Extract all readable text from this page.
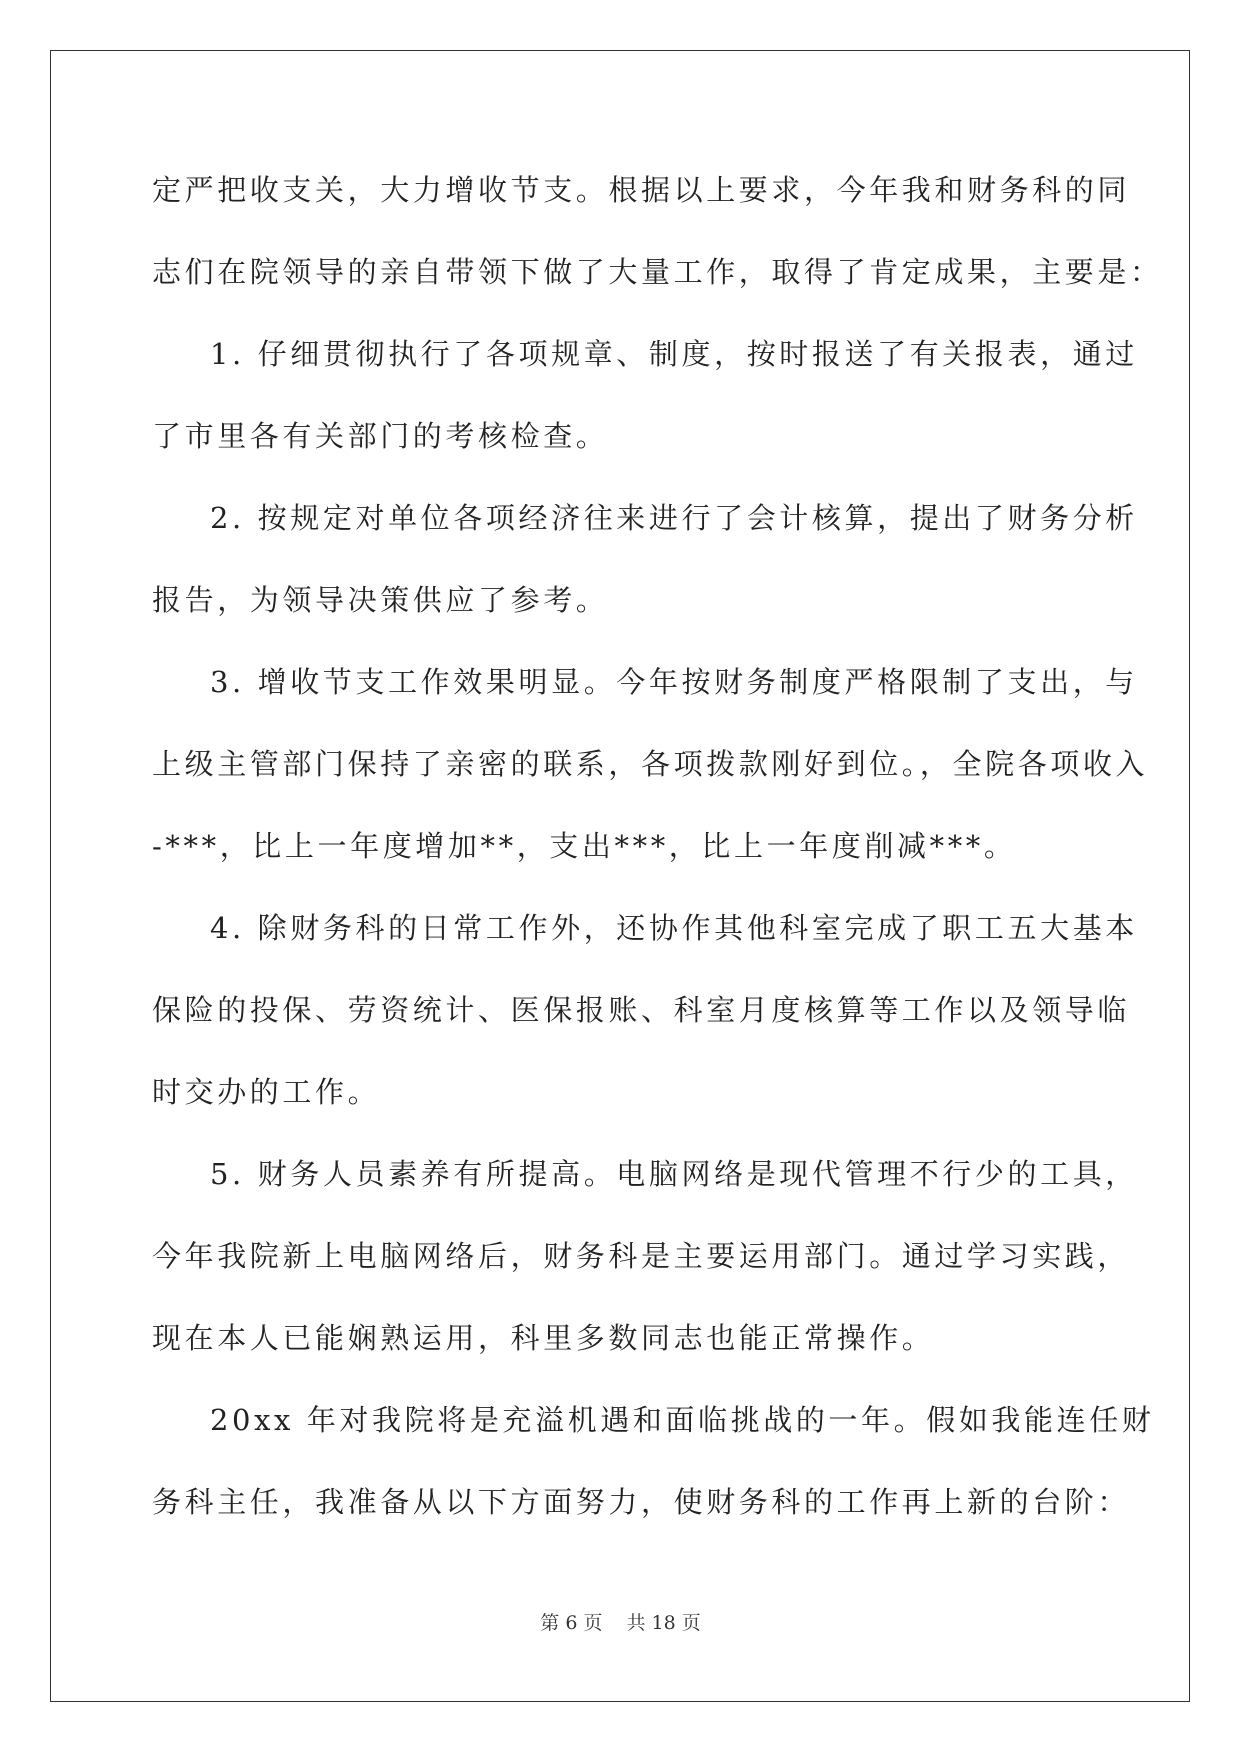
定严把收支关，大力增收节支。根据以上要求，今年我和财务科的同
志们在院领导的亲自带领下做了大量工作，取得了肯定成果，主要是：
1. 仔细贯彻执行了各项规章、制度，按时报送了有关报表，通过
了市里各有关部门的考核检查。
2. 按规定对单位各项经济往来进行了会计核算，提出了财务分析
报告，为领导决策供应了参考。
3. 增收节支工作效果明显。今年按财务制度严格限制了支出，与
上级主管部门保持了亲密的联系，各项拨款刚好到位。，全院各项收入
-***，比上一年度增加**，支出***，比上一年度削减***。
4. 除财务科的日常工作外，还协作其他科室完成了职工五大基本
保险的投保、劳资统计、医保报账、科室月度核算等工作以及领导临
时交办的工作。
5. 财务人员素养有所提高。电脑网络是现代管理不行少的工具，
今年我院新上电脑网络后，财务科是主要运用部门。通过学习实践，
现在本人已能娴熟运用，科里多数同志也能正常操作。
20xx 年对我院将是充溢机遇和面临挑战的一年。假如我能连任财
务科主任，我准备从以下方面努力，使财务科的工作再上新的台阶：
第 6 页 共 18 页
